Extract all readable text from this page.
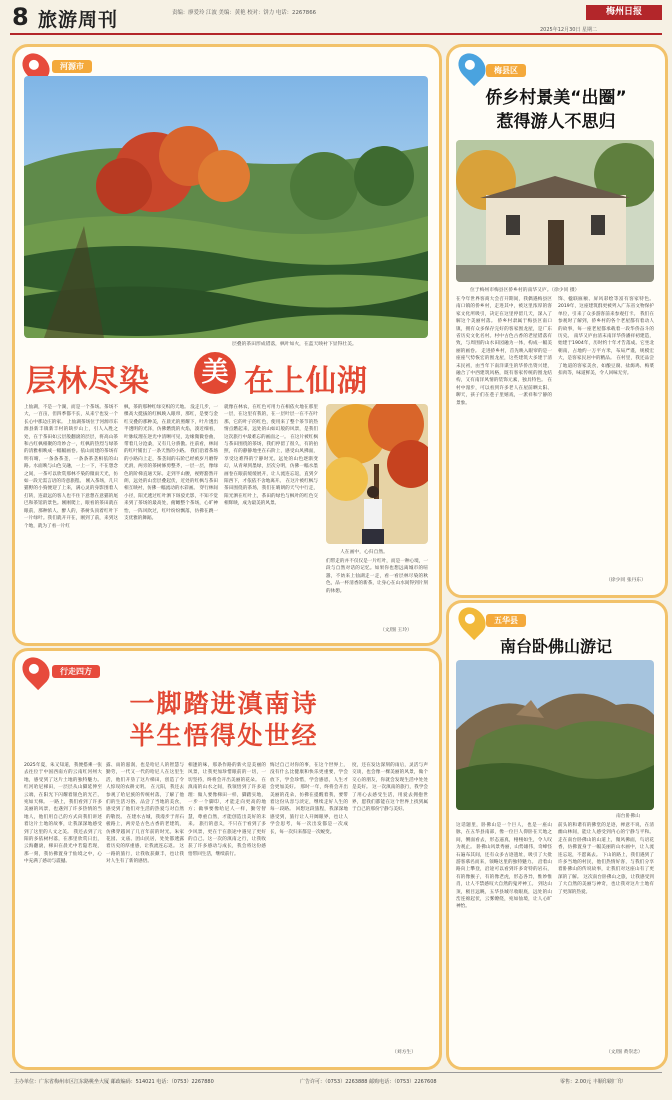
8 旅游周刊	责编：廖爱玲 江波 美编：黄艳 校对：饼力 电话：2267866	梅州日报
2025年12月30日 星期二
河源市
层叠的茶田形成错落，枫叶如火，在蓝天映衬下显得壮美。
层林尽染 美 在上仙湖
上仙湖，不是一个湖，而是一个茶场。茶场不大，一百亩，但四季都不长，从来宁也发一个长心中那边庄的家。 上仙湖茶场位于河源市东源县新丰镇新丰村的缺步山上，引人入胜之处，在于茶田如云层般翻滚的层层，将高山茶和古红枫相聚的奇妙合一，红枫的热烈与绿茶的清雅相映成一幅幅画卷。依山而建的茶场有明有晴，一条条茶垄，一条条茶垄相依的山路。水面映与山色交融，一上一下，不在想念之间，一茶可以欣赏那林不染的微雨天光，仿如一段无需言语的诗意旅程。 刚入茶场，几只猫野的小狗便迎了上来，满心灵的身影围着人打转，连最远的客人也不住下意想在意猫的尾巴和茶馆的景色。刚刚爬上，眼看的茶田就在眼前，那种浓人、醉人的，茶树头顶着红叶下一片绿叶。我们就开开在，刚到了前，来到这个地，就为了看一片红
枫，茶的那种红绿交织的天地。 没走几步，一棵高大挺拔的红枫映入眼帘，那红，是要与金红交叠的那种美，在晨光的照耀下，叶片透出半透明的光泽，仿佛燃烧的火焰，凑近细看，叶脉纹理在逆光中清晰可见，边缘微微卷曲，带着几分沧桑，又有几分骄傲。往前看，林间的红叶铺出了一条天然的小路。 我们沿着茶场的小路向上走，茶垄间的石阶已经被岁月磨得光滑，两旁的茶树修剪整齐，一层一层，像绿色的阶梯直通天际。走到半山腰，视野豁然开朗，远处的山峦层叠起伏，近处的红枫与茶田相互映衬，仿佛一幅流动的水彩画。 穿行林间小径，阳光透过红叶洒下斑驳光影，不知不觉来到了茶场的最高处，俯瞰整个茶场，心旷神怡，一阵风吹过，红叶纷纷飘落，仿佛在跳一支优雅的舞蹈。
就像在林农，在红色可用力在相依火地在那里一层，在这里有我的，在一层叶层一在不在叶那，它的叶子的红色，使用来了整个茶节的热情点燃起来，远处的山如幻般的风景，是我们这次旅行中最难忘的画面之一。 在这片被红枫与茶田围绕的茶场，我们停留了很久，有的拍照，有的静静地坐在石阶上，感受山风拂面，享受这难得的宁静时光。远处的山色逐渐变幻，从青翠到墨绿，层次分明，仿佛一幅水墨画卷在眼前缓缓展开，让人流连忘返，直到夕阳西下，才依依不舍地离开。 在这片被红枫与茶田围绕的茶场，我们在晴朗的天气中行走，阳光洒在红叶上，茶田的绿色与枫叶的红色交相辉映，成为最美的风景。
人在画中，心归自然。
们带走的并不仅仅是一片红叶，而是一种心境，一段与自然对话的记忆。如果你也想远离城市的喧嚣，不妨来上仙湖走一走，看一看层林尽染的秋色，品一杯清香的新茶，让身心在山水间得到片刻的休憩。
（文/图 王玲）
行走四方
一脚踏进滇南诗
半生悟得处世经
2025年夏，朱又知道，我便搭乘一张去往位于中国西南方的云南红河州大地，感受到了这片土地的独特魅力。红河哈尼梯田，一层层从山脚延伸至云端，在阳光下闪耀着银色的光芒，宛如天梯。 一路上，我们看到了许多美丽的风景，也遇到了许多热情的当地人，他们用自己的方式向我们讲述着这片土地的故事，让我深深地感受到了这里的人文之美。 我还去到了元阳的多依树村落，在那里欣赏日出，云海翻滚，梯田在晨光中若隐若现，那一刻，我仿佛置身于仙境之中，心中充满了感动与震撼。
露、雨的滋润，也是哈尼人的智慧与勤劳，一代又一代的哈尼人在这里生活，他们开垦了这片梯田，创造了令人惊叹的农耕文明。 在元阳，我还去参观了哈尼族的传统村落，了解了他们的生活习俗，品尝了当地的美食，感受到了他们对生活的热爱与对自然的敬畏。 在建水古城，我漫步于青石板路上，两旁是古色古香的老建筑，仿佛穿越回了几百年前的时光。朱家花园、文庙、团山民居，处处都透露着历史的厚重感，让我流连忘返。 这一路的旅行，让我收获颇丰，也让我对人生有了新的感悟。
相逢的味，那条作路的新火是美丽的风景，让我更加珍惜眼前的一切，一切坚持，终将会开出美丽的花朵。 在滇南的山水之间，我领悟到了许多道理：做人要像梯田一样，脚踏实地，一步一个脚印，才能走向更高的地方；做事要像哈尼人一样，勤劳智慧，尊重自然，才能创造出美好的未来。 旅行的意义，不只在于看到了多少风景，更在于在旅途中遇见了更好的自己。这一次的滇南之行，让我收获了许多感动与成长，我会将这份感悟带回生活，继续前行。
悔过自己对你的事，在这个世界上，没有什么比健康和快乐更重要，学会放下，学会珍惜，学会感恩，人生才会更加美好。 那时一年，终将会开出美丽的花朵，仿佛在提醒着我，要带着这份从容与淡定，继续走好人生的每一段路。 回想这段旅程，我深深地感受到，旅行让人开阔眼界，也让人学会思考，每一次出发都是一次成长，每一次归来都是一次蜕变。
度，还在发达深刻的雨后，灵活与声交谈，也会像一棵美丽的风景，做个交心的朋友，你就会发现生活中处处是美好。 这一次滇南的旅行，我学会了用心去感受生活，用爱去拥抱世界，愿我们都能在这个世界上找到属于自己的那份宁静与美好。
（刘方生）
梅县区
侨乡村景美“出圈”
惹得游人不思归
位于梅州市梅县区侨乡村的南华又庐。（徐少同 摄）
在今年世界客商大会召开期间，我偶遇梅县区南口镇的侨乡村，走进其中，被这里浓厚的客家文化所吸引，决定在这里停留几天，深入了解这个美丽村落。 侨乡村隶属于梅县区南口镇，拥有众多保存完好的客家围龙屋，是广东省历史文化名村。村中古色古香的老屋错落有致，与周围的山水田园融为一体，构成一幅美丽的画卷。 走进侨乡村，首先映入眼帘的是一座座气势恢宏的围龙屋，这些建筑大多建于清末民初，由当年下南洋谋生的华侨出资兴建，融合了中西建筑风格，既有客家传统的围龙结构，又有南洋风情的装饰元素，独具特色。 在村中漫步，可以看到许多老人在屋前晒太阳、聊天，孩子们在巷子里嬉戏，一派祥和宁静的景象。
饰、楹联匾额、屏风彩绘等富有客家特色。2019年，这座建筑群更被列入广东省文物保护单位，引来了众多游客前来参观打卡。 我们在参观时了解到，侨乡村的各个老屋都有着动人的故事，每一座老屋都承载着一段华侨奋斗的历史。 南华又庐由清末南洋华侨潘祥初建造，始建于1904年，历时约十年才告落成。它坐北朝南，占地约一万平方米，布局严谨，规模宏大，是客家民居中的精品。 在村里，我还品尝了地道的客家美食，如酿豆腐、盐焗鸡、梅菜扣肉等，味道鲜美，令人回味无穷。
（徐少同 张丹东）
五华县
南台卧佛山游记
南台卧佛山
这话题里，卧佛山是一个巨人，也是一座山脉，在五华县南部，像一位巨人仰卧在天地之间，侧面看去，形态逼真，栩栩如生，令人叹为观止。 卧佛山风景秀丽，山势雄伟，奇峰怪石遍布其间，还有众多古迹遗址，吸引了大批游客慕名而来，领略这里的独特魅力。 沿着山路向上攀登，沿途可以看到许多奇特的岩石，有的像猴子，有的像老虎，形态各异，惟妙惟肖，让人不禁感叹大自然的鬼斧神工。 到达山顶，极目远眺，五华县城尽收眼底，远处的山峦连绵起伏，云雾缭绕，宛如仙境，让人心旷神怡。
前头的和谐有的佛堂的足迹，禅意不说，在清幽山林间，能让人感受到内心的宁静与平和。 走在南台卧佛山的山道上，微风拂面，鸟语花香，仿佛置身于一幅美丽的山水画中，让人流连忘返，不愿离去。 下山的路上，我们遇到了许多当地的村民，他们热情好客，与我们分享着卧佛山的传说故事，让我们对这座山有了更深的了解。 这次南台卧佛山之旅，让我感受到了大自然的美丽与神奇，也让我对这片土地有了更深的热爱。
（文/图 黄崇忠）
主办单位：广东省梅州市区江东路桃坐大厦 邮政编码：514021 电话：（0753）2267880	广告许可：（0753）2263888 邮购电话：（0753）2267608	零售：2.00元 丰顺印刷厂印
